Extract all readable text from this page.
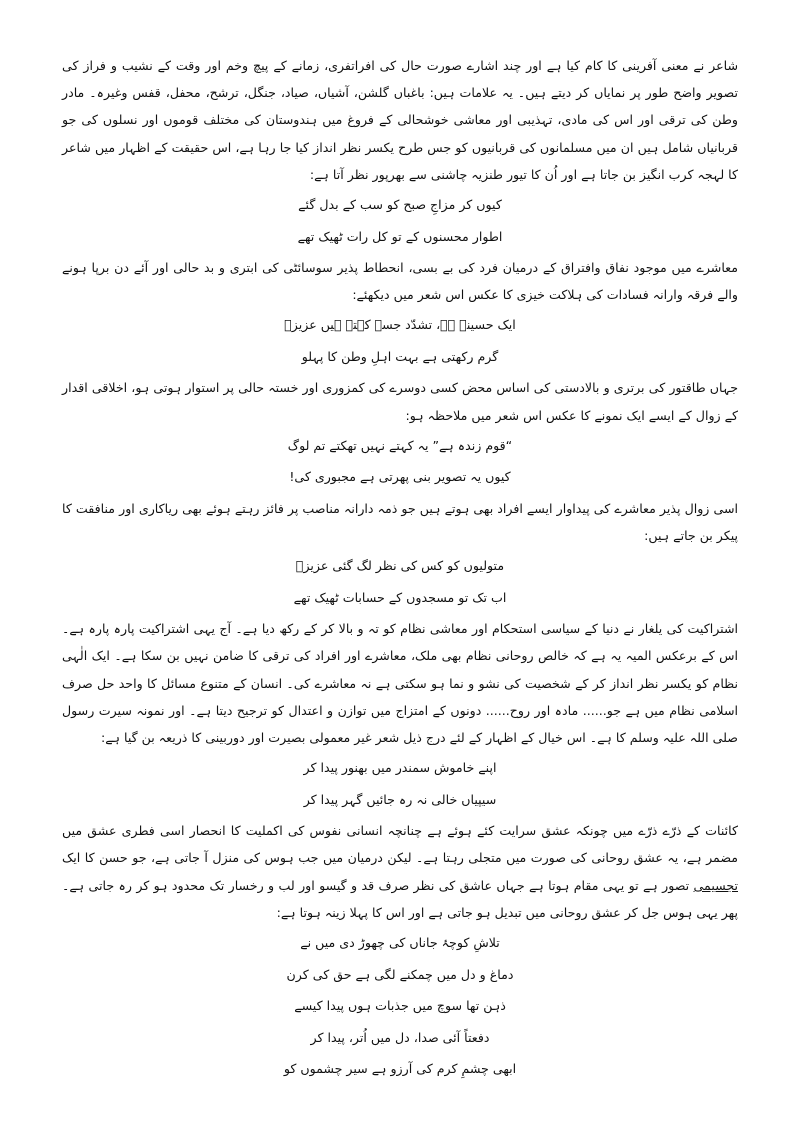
شاعر نے معنی آفرینی کا کام کیا ہے اور چند اشارے صورت حال کی افراتفری، زمانے کے پیچ وخم اور وقت کے نشیب و فراز کی تصویر واضح طور پر نمایاں کر دیتے ہیں۔ یہ علامات ہیں: باغباں گلشن، آشیاں، صیاد، جنگل، ترشح، محفل، قفس وغیرہ۔ مادر وطن کی ترقی اور اس کی مادی، تہذیبی اور معاشی خوشحالی کے فروغ میں ہندوستان کی مختلف قوموں اور نسلوں کی جو قربانیاں شامل ہیں ان میں مسلمانوں کی قربانیوں کو جس طرح یکسر نظر انداز کیا جا رہا ہے، اس حقیقت کے اظہار میں شاعر کا لہجہ کرب انگیز بن جاتا ہے اور اُن کا تیور طنزیہ چاشنی سے بھرپور نظر آتا ہے:

کیوں کر مزاجِ صبح کو سب کے بدل گئے
اطوار محسنوں کے تو کل رات ٹھیک تھے

معاشرے میں موجود نفاق وافتراق کے درمیان فرد کی بے بسی، انحطاط پذیر سوسائٹی کی ابتری و بد حالی اور آئے دن برپا ہونے والے فرقہ وارانہ فسادات کی ہلاکت خیزی کا عکس اس شعر میں دیکھئے:

ایک حسینہ ہے، تشدّد جسے کہتے ہیں عزیزؔ
گرم رکھتی ہے بہت اہلِ وطن کا پہلو

جہاں طاقتور کی برتری و بالادستی کی اساس محض کسی دوسرے کی کمزوری اور خستہ حالی پر استوار ہوتی ہو، اخلاقی اقدار کے زوال کے ایسے ایک نمونے کا عکس اس شعر میں ملاحظہ ہو:

“قوم زندہ ہے” یہ کہتے نہیں تھکتے تم لوگ
کیوں یہ تصویر بنی پھرتی ہے مجبوری کی!

اسی زوال پذیر معاشرے کی پیداوار ایسے افراد بھی ہوتے ہیں جو ذمہ دارانہ مناصب پر فائز رہتے ہوئے بھی ریاکاری اور منافقت کا پیکر بن جاتے ہیں:

متولیوں کو کس کی نظر لگ گئی عزیزؔ
اب تک تو مسجدوں کے حسابات ٹھیک تھے

اشتراکیت کی یلغار نے دنیا کے سیاسی استحکام اور معاشی نظام کو تہ و بالا کر کے رکھ دیا ہے۔ آج یہی اشتراکیت پارہ پارہ ہے۔ اس کے برعکس المیہ یہ ہے کہ خالص روحانی نظام بھی ملک، معاشرے اور افراد کی ترقی کا ضامن نہیں بن سکا ہے۔ ایک الٰہی نظام کو یکسر نظر انداز کر کے شخصیت کی نشو و نما ہو سکتی ہے نہ معاشرے کی۔ انسان کے متنوع مسائل کا واحد حل صرف اسلامی نظام میں ہے جو...... مادہ اور روح...... دونوں کے امتزاج میں توازن و اعتدال کو ترجیح دیتا ہے۔ اور نمونہ سیرت رسول صلی اللہ علیہ وسلم کا ہے۔ اس خیال کے اظہار کے لئے درج ذیل شعر غیر معمولی بصیرت اور دوربینی کا ذریعہ بن گیا ہے:

اپنے خاموش سمندر میں بھنور پیدا کر
سیپیاں خالی نہ رہ جائیں گہر پیدا کر

کائنات کے ذرّے ذرّے میں چونکہ عشق سرایت کئے ہوئے ہے چنانچہ انسانی نفوس کی اکملیت کا انحصار اسی فطری عشق میں مضمر ہے، یہ عشق روحانی کی صورت میں متجلی رہتا ہے۔ لیکن درمیان میں جب ہوس کی منزل آ جاتی ہے، جو حسن کا ایک تجسیمی تصور ہے تو یہی مقام ہوتا ہے جہاں عاشق کی نظر صرف قد و گیسو اور لب و رخسار تک محدود ہو کر رہ جاتی ہے۔ پھر یہی ہوس جل کر عشق روحانی میں تبدیل ہو جاتی ہے اور اس کا پہلا زینہ ہوتا ہے:

تلاشِ کوچۂ جاناں کی چھوڑ دی میں نے
دماغ و دل میں چمکنے لگی ہے حق کی کرن
ذہن تھا سوچ میں جذبات ہوں پیدا کیسے
دفعتاً آئی صدا، دل میں اُتر، پیدا کر
ابھی چشمِ کرم کی آرزو ہے سیر چشموں کو
